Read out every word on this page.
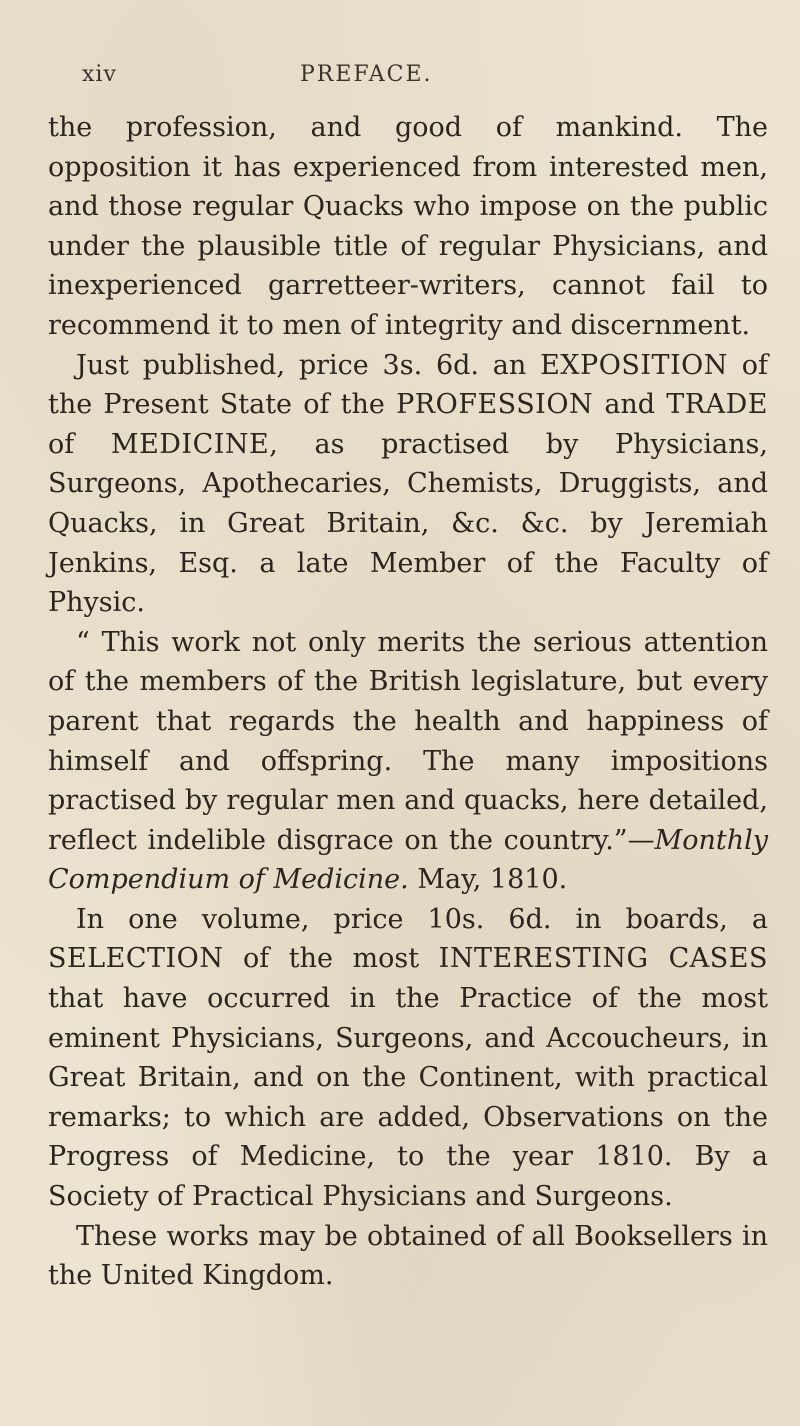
xiv	PREFACE.

the profession, and good of mankind. The opposition it has experienced from interested men, and those regular Quacks who impose on the public under the plausible title of regular Physicians, and inexperienced garretteer-writers, cannot fail to recommend it to men of integrity and discernment.

Just published, price 3s. 6d. an EXPOSITION of the Present State of the PROFESSION and TRADE of MEDICINE, as practised by Physicians, Surgeons, Apothecaries, Chemists, Druggists, and Quacks, in Great Britain, &c. &c. by Jeremiah Jenkins, Esq. a late Member of the Faculty of Physic.

“ This work not only merits the serious attention of the members of the British legislature, but every parent that regards the health and happiness of himself and offspring. The many impositions practised by regular men and quacks, here detailed, reflect indelible disgrace on the country.”—Monthly Compendium of Medicine. May, 1810.

In one volume, price 10s. 6d. in boards, a SELECTION of the most INTERESTING CASES that have occurred in the Practice of the most eminent Physicians, Surgeons, and Accoucheurs, in Great Britain, and on the Continent, with practical remarks; to which are added, Observations on the Progress of Medicine, to the year 1810. By a Society of Practical Physicians and Surgeons.

These works may be obtained of all Booksellers in the United Kingdom.
